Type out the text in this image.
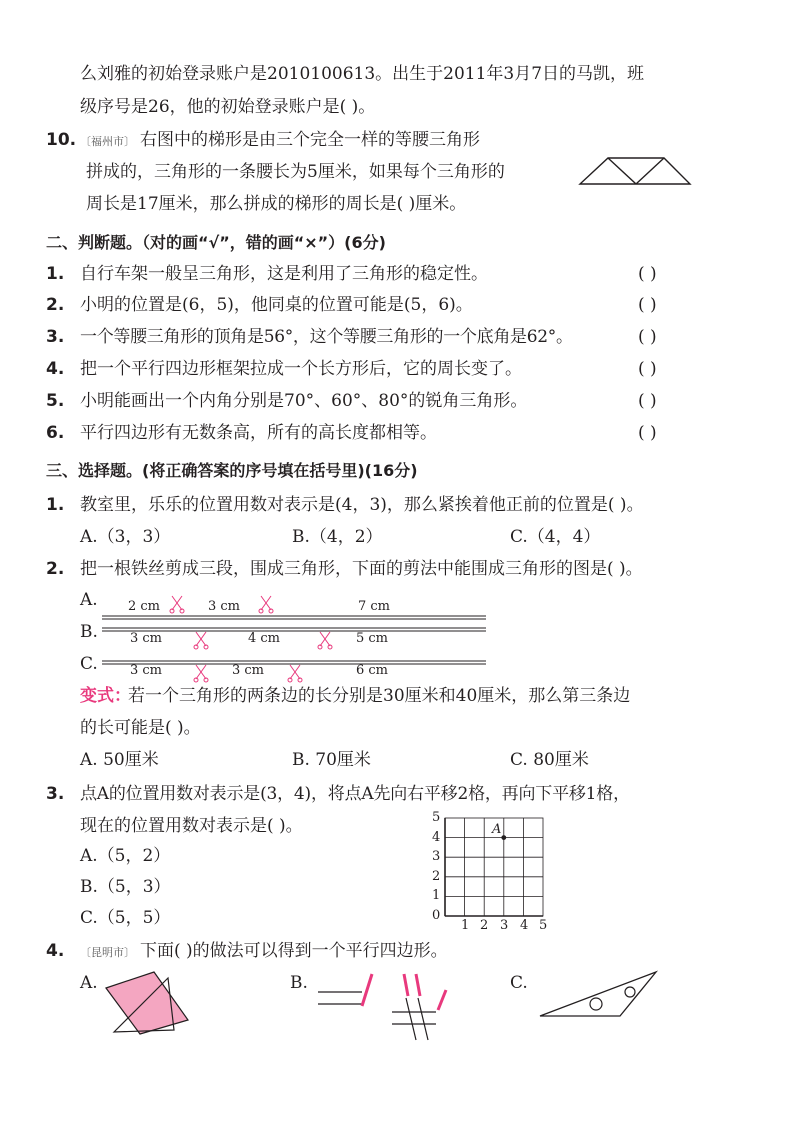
么刘雅的初始登录账户是2010100613。出生于2011年3月7日的马凯，班
级序号是26，他的初始登录账户是( )。
10. 〔福州市〕 右图中的梯形是由三个完全一样的等腰三角形
拼成的，三角形的一条腰长为5厘米，如果每个三角形的
周长是17厘米，那么拼成的梯形的周长是( )厘米。
二、判断题。（对的画“√”，错的画“×”）(6分)
1. 自行车架一般呈三角形，这是利用了三角形的稳定性。	( )
2. 小明的位置是(6，5)，他同桌的位置可能是(5，6)。	( )
3. 一个等腰三角形的顶角是56°，这个等腰三角形的一个底角是62°。	( )
4. 把一个平行四边形框架拉成一个长方形后，它的周长变了。	( )
5. 小明能画出一个内角分别是70°、60°、80°的锐角三角形。	( )
6. 平行四边形有无数条高，所有的高长度都相等。	( )
三、选择题。(将正确答案的序号填在括号里)(16分)
1. 教室里，乐乐的位置用数对表示是(4，3)，那么紧挨着他正前的位置是( )。
A.（3，3）	B.（4，2）	C.（4，4）
2. 把一根铁丝剪成三段，围成三角形，下面的剪法中能围成三角形的图是( )。
A. 2 cm	3 cm	7 cm
B. 3 cm	4 cm	5 cm
C. 3 cm	3 cm	6 cm
变式：
若一个三角形的两条边的长分别是30厘米和40厘米，那么第三条边
的长可能是( )。
A. 50厘米	B. 70厘米	C. 80厘米
3. 点A的位置用数对表示是(3，4)，将点A先向右平移2格，再向下平移1格，
现在的位置用数对表示是( )。
A.（5，2）
B.（5，3）
C.（5，5）
A
5
4
3
2
1
0
1 2 3 4 5
4. 〔昆明市〕 下面( )的做法可以得到一个平行四边形。
A.	B.	C.
